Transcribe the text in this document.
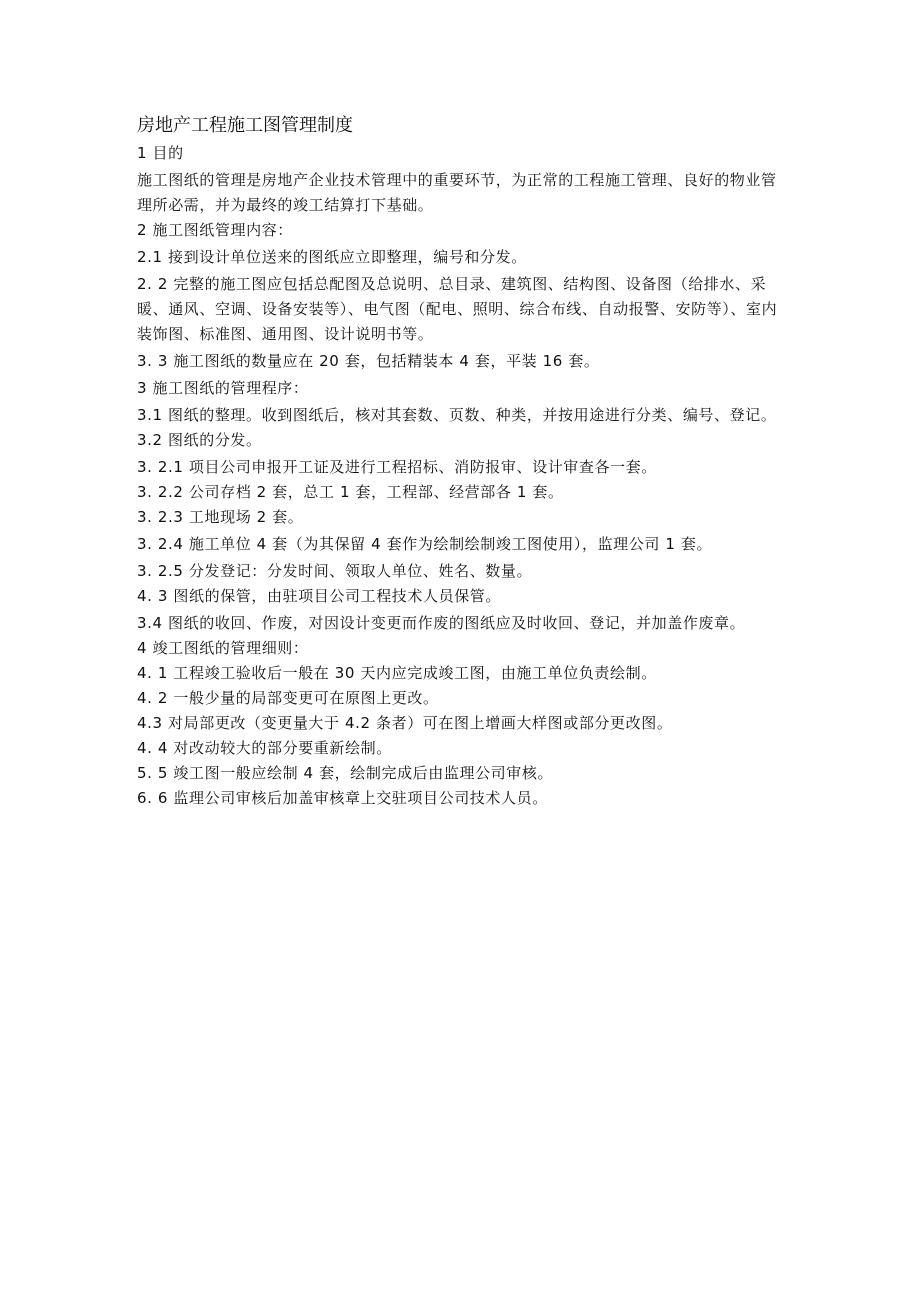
房地产工程施工图管理制度

1 目的

施工图纸的管理是房地产企业技术管理中的重要环节，为正常的工程施工管理、良好的物业管理所必需，并为最终的竣工结算打下基础。

2 施工图纸管理内容：

2.1 接到设计单位送来的图纸应立即整理，编号和分发。

2. 2 完整的施工图应包括总配图及总说明、总目录、建筑图、结构图、设备图（给排水、采暖、通风、空调、设备安装等）、电气图（配电、照明、综合布线、自动报警、安防等）、室内装饰图、标准图、通用图、设计说明书等。

3. 3 施工图纸的数量应在 20 套，包括精装本 4 套，平装 16 套。

3 施工图纸的管理程序：

3.1 图纸的整理。收到图纸后，核对其套数、页数、种类，并按用途进行分类、编号、登记。

3.2 图纸的分发。

3. 2.1 项目公司申报开工证及进行工程招标、消防报审、设计审查各一套。

3. 2.2 公司存档 2 套，总工 1 套，工程部、经营部各 1 套。

3. 2.3 工地现场 2 套。

3. 2.4 施工单位 4 套（为其保留 4 套作为绘制绘制竣工图使用），监理公司 1 套。

3. 2.5 分发登记：分发时间、领取人单位、姓名、数量。

4. 3 图纸的保管，由驻项目公司工程技术人员保管。

3.4 图纸的收回、作废，对因设计变更而作废的图纸应及时收回、登记，并加盖作废章。

4 竣工图纸的管理细则：

4. 1 工程竣工验收后一般在 30 天内应完成竣工图，由施工单位负责绘制。

4. 2 一般少量的局部变更可在原图上更改。

4.3 对局部更改（变更量大于 4.2 条者）可在图上增画大样图或部分更改图。

4. 4 对改动较大的部分要重新绘制。

5. 5 竣工图一般应绘制 4 套，绘制完成后由监理公司审核。

6. 6 监理公司审核后加盖审核章上交驻项目公司技术人员。
